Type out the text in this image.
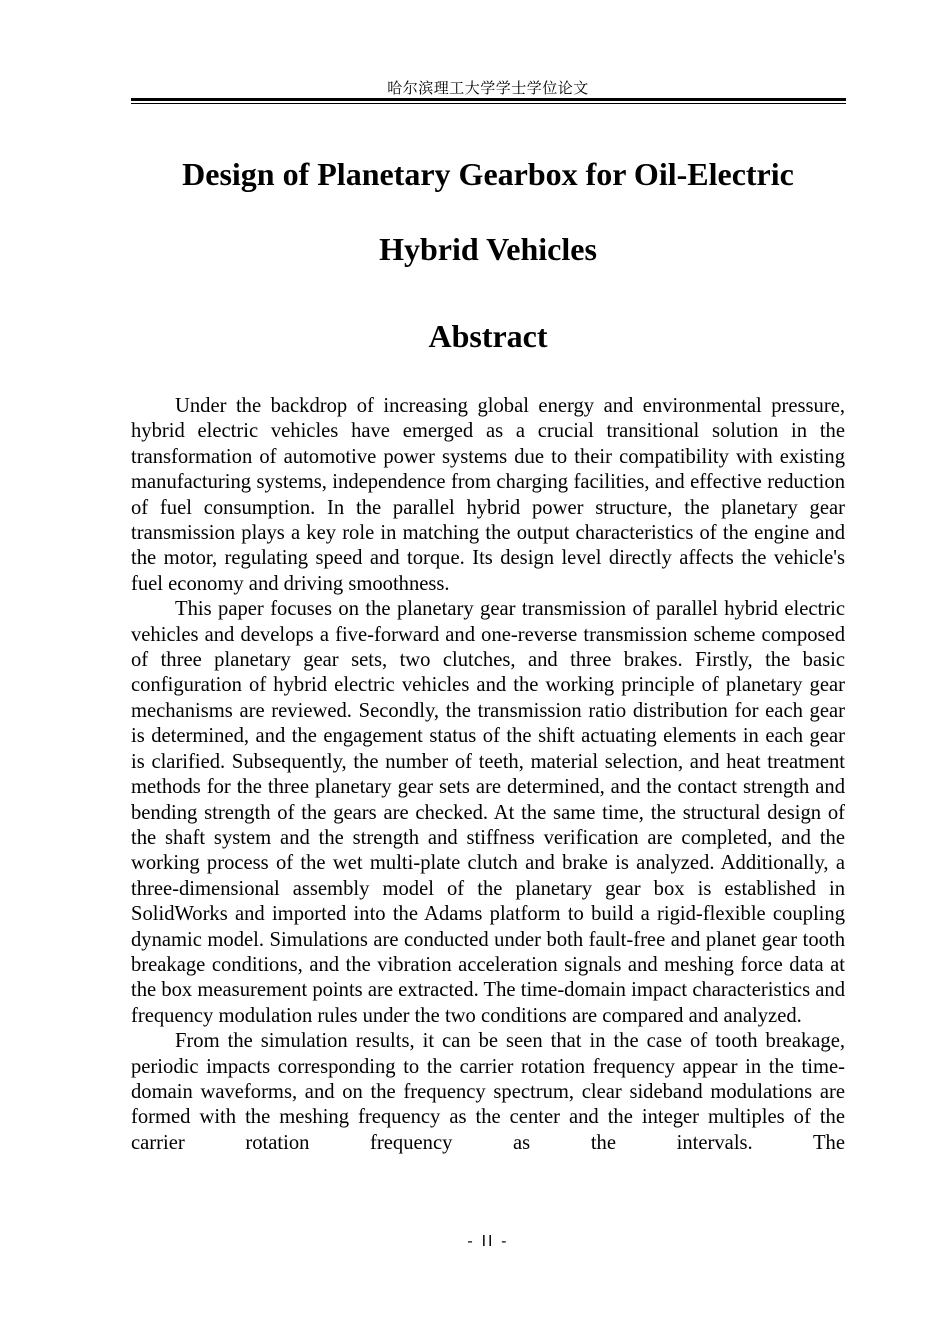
哈尔滨理工大学学士学位论文
Design of Planetary Gearbox for Oil-Electric
Hybrid Vehicles
Abstract

Under the backdrop of increasing global energy and environmental pressure, hybrid electric vehicles have emerged as a crucial transitional solution in the transformation of automotive power systems due to their compatibility with existing manufacturing systems, independence from charging facilities, and effective reduction of fuel consumption. In the parallel hybrid power structure, the planetary gear transmission plays a key role in matching the output characteristics of the engine and the motor, regulating speed and torque. Its design level directly affects the vehicle's fuel economy and driving smoothness.

This paper focuses on the planetary gear transmission of parallel hybrid electric vehicles and develops a five-forward and one-reverse transmission scheme composed of three planetary gear sets, two clutches, and three brakes. Firstly, the basic configuration of hybrid electric vehicles and the working principle of planetary gear mechanisms are reviewed. Secondly, the transmission ratio distribution for each gear is determined, and the engagement status of the shift actuating elements in each gear is clarified. Subsequently, the number of teeth, material selection, and heat treatment methods for the three planetary gear sets are determined, and the contact strength and bending strength of the gears are checked. At the same time, the structural design of the shaft system and the strength and stiffness verification are completed, and the working process of the wet multi-plate clutch and brake is analyzed. Additionally, a three-dimensional assembly model of the planetary gear box is established in SolidWorks and imported into the Adams platform to build a rigid-flexible coupling dynamic model. Simulations are conducted under both fault-free and planet gear tooth breakage conditions, and the vibration acceleration signals and meshing force data at the box measurement points are extracted. The time-domain impact characteristics and frequency modulation rules under the two conditions are compared and analyzed.

From the simulation results, it can be seen that in the case of tooth breakage, periodic impacts corresponding to the carrier rotation frequency appear in the time-domain waveforms, and on the frequency spectrum, clear sideband modulations are formed with the meshing frequency as the center and the integer multiples of the carrier rotation frequency as the intervals. The

- II -
